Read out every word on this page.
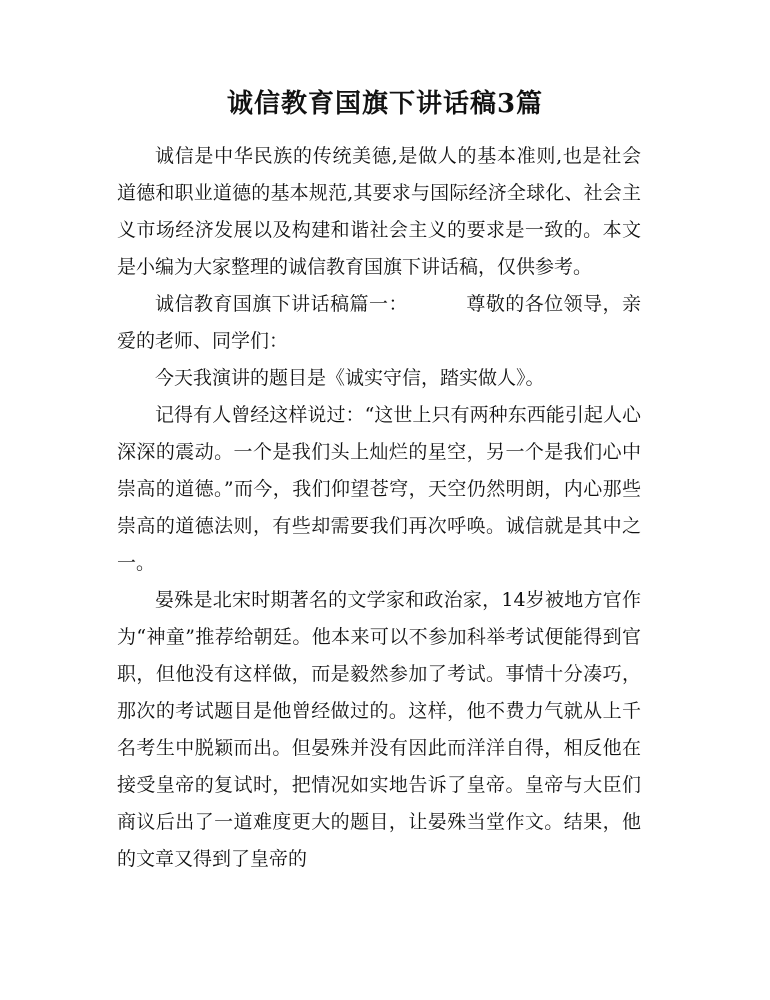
诚信教育国旗下讲话稿3篇

诚信是中华民族的传统美德,是做人的基本准则,也是社会道德和职业道德的基本规范,其要求与国际经济全球化、社会主义市场经济发展以及构建和谐社会主义的要求是一致的。本文是小编为大家整理的诚信教育国旗下讲话稿，仅供参考。

诚信教育国旗下讲话稿篇一：	尊敬的各位领导，亲爱的老师、同学们：

今天我演讲的题目是《诚实守信，踏实做人》。

记得有人曾经这样说过：“这世上只有两种东西能引起人心深深的震动。一个是我们头上灿烂的星空，另一个是我们心中崇高的道德。”而今，我们仰望苍穹，天空仍然明朗，内心那些崇高的道德法则，有些却需要我们再次呼唤。诚信就是其中之一。

晏殊是北宋时期著名的文学家和政治家，14岁被地方官作为“神童”推荐给朝廷。他本来可以不参加科举考试便能得到官职，但他没有这样做，而是毅然参加了考试。事情十分凑巧，那次的考试题目是他曾经做过的。这样，他不费力气就从上千名考生中脱颖而出。但晏殊并没有因此而洋洋自得，相反他在接受皇帝的复试时，把情况如实地告诉了皇帝。皇帝与大臣们商议后出了一道难度更大的题目，让晏殊当堂作文。结果，他的文章又得到了皇帝的
